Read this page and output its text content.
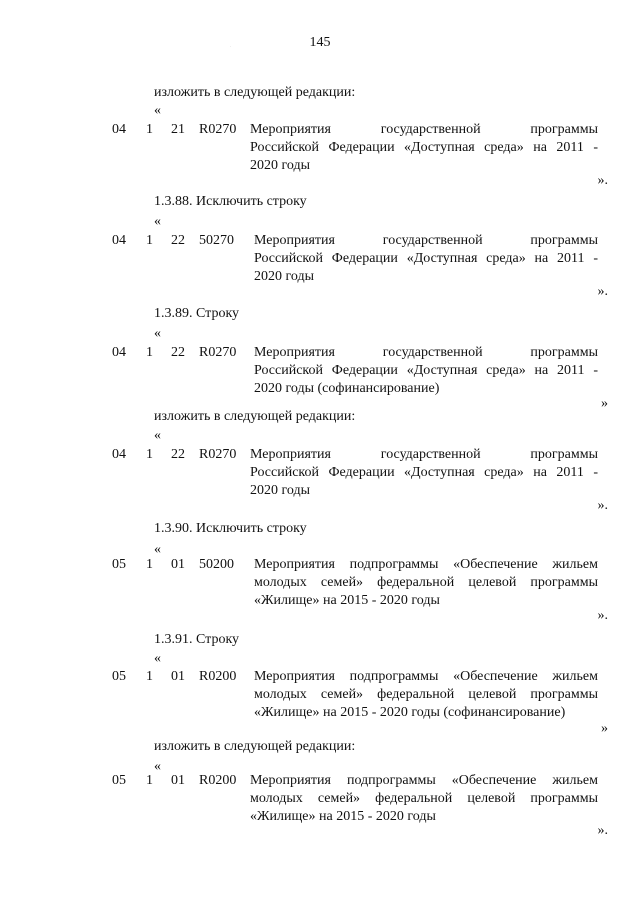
145
·
изложить в следующей редакции:
«
04 1 21 R0270 Мероприятия государственной программы
Российской Федерации «Доступная среда» на 2011 -
2020 годы
».
1.3.88. Исключить строку
«
04 1 22 50270 Мероприятия государственной программы
Российской Федерации «Доступная среда» на 2011 -
2020 годы
».
1.3.89. Строку
«
04 1 22 R0270 Мероприятия государственной программы
Российской Федерации «Доступная среда» на 2011 -
2020 годы (софинансирование)
»
изложить в следующей редакции:
«
04 1 22 R0270 Мероприятия государственной программы
Российской Федерации «Доступная среда» на 2011 -
2020 годы
».
1.3.90. Исключить строку
«
05 1 01 50200 Мероприятия подпрограммы «Обеспечение жильем
молодых семей» федеральной целевой программы
«Жилище» на 2015 - 2020 годы
».
1.3.91. Строку
«
05 1 01 R0200 Мероприятия подпрограммы «Обеспечение жильем
молодых семей» федеральной целевой программы
«Жилище» на 2015 - 2020 годы (софинансирование)
»
изложить в следующей редакции:
«
05 1 01 R0200 Мероприятия подпрограммы «Обеспечение жильем
молодых семей» федеральной целевой программы
«Жилище» на 2015 - 2020 годы
».
